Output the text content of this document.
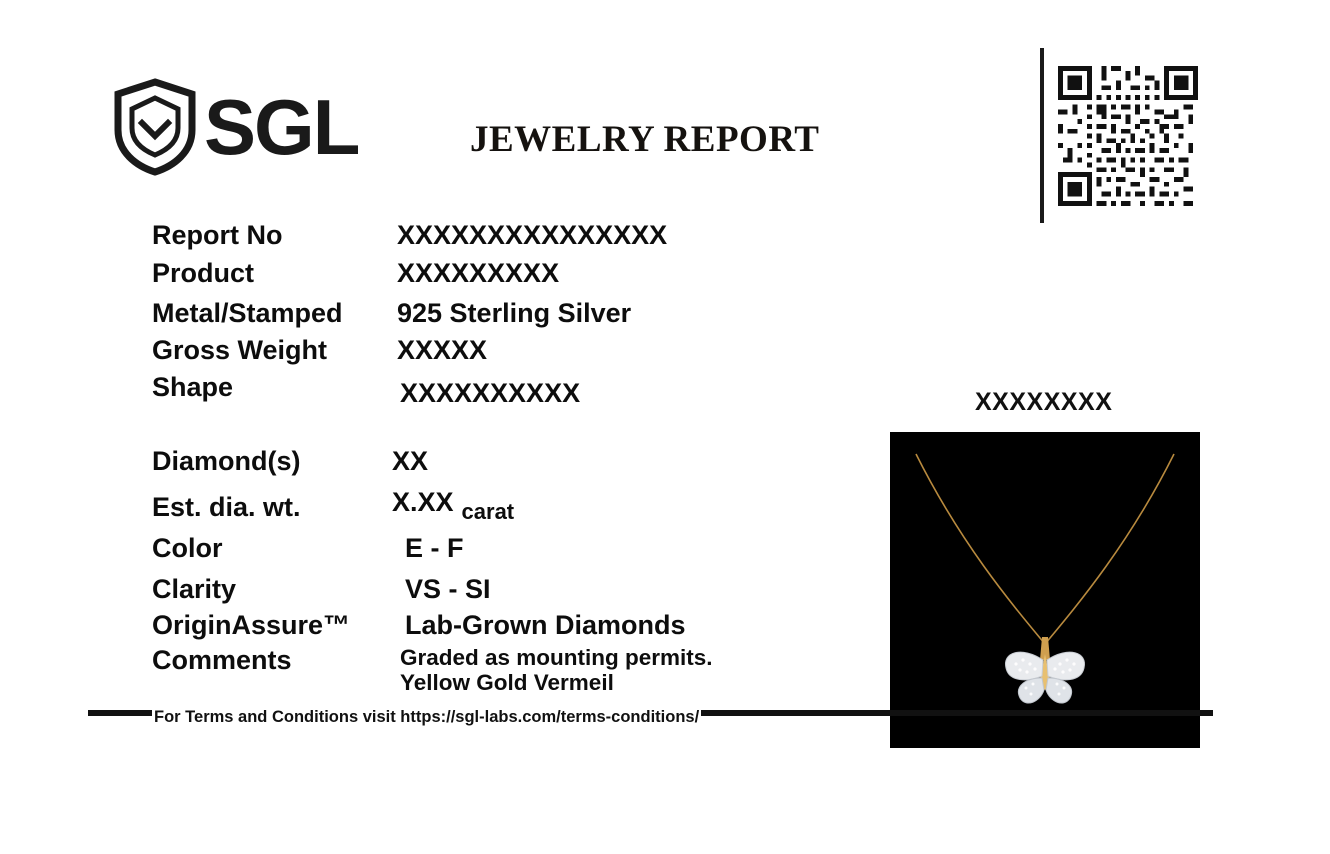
SGL	JEWELRY REPORT
Report No	XXXXXXXXXXXXXXX
Product	XXXXXXXXX
Metal/Stamped	925 Sterling Silver
Gross Weight	XXXXX
Shape	XXXXXXXXXX
Diamond(s)	XX
Est. dia. wt.	X.XX carat
Color	E - F
Clarity	VS - SI
OriginAssure™	Lab-Grown Diamonds
Comments	Graded as mounting permits.
Yellow Gold Vermeil
XXXXXXXX
For Terms and Conditions visit https://sgl-labs.com/terms-conditions/
